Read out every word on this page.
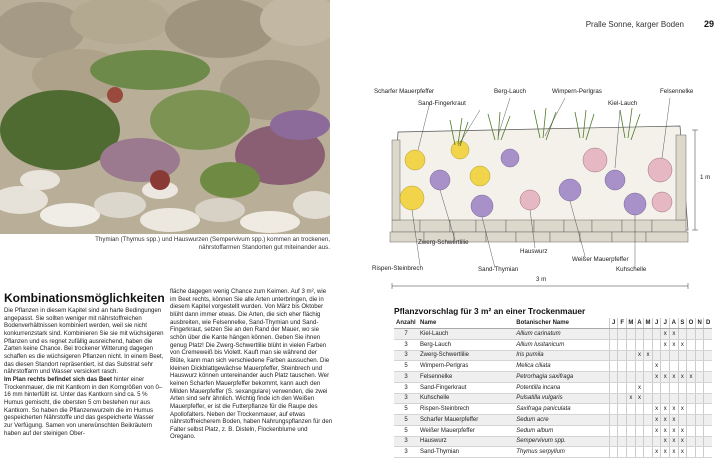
Thymian (Thymus spp.) und Hauswurzen (Sempervivum spp.) kommen an trockenen,
nährstoffarmen Standorten gut miteinander aus.
Kombinationsmöglichkeiten

Die Pflanzen in diesem Kapitel sind an harte Bedingungen angepasst. Sie sollten weniger mit nährstoffreichen Bodenverhältnissen kombiniert werden, weil sie nicht konkurrenzstark sind. Kombinieren Sie sie mit wüchsigeren Pflanzen und es regnet zufällig ausreichend, haben die Zarten keine Chance. Bei trockener Witterung dagegen schaffen es die wüchsigeren Pflanzen nicht. In einem Beet, das diesen Standort repräsentiert, ist das Substrat sehr nährstoffarm und Wasser versickert rasch.

Im Plan rechts befindet sich das Beet hinter einer Trockenmauer, die mit Kantkorn in den Korngrößen von 0–16 mm hinterfüllt ist. Unter das Kantkorn sind ca. 5 % Humus gemischt, die obersten 5 cm bestehen nur aus Kantkorn. So haben die Pflanzenwurzeln die im Humus gespeicherten Nährstoffe und das gespeicherte Wasser zur Verfügung. Samen von unerwünschten Beikräutern haben auf der steinigen Ober-

fläche dagegen wenig Chance zum Keimen. Auf 3 m², wie im Beet rechts, können Sie alle Arten unterbringen, die in diesem Kapitel vorgestellt wurden. Von März bis Oktober blüht dann immer etwas. Die Arten, die sich eher flächig ausbreiten, wie Felsennelke, Sand-Thymian und Sand-Fingerkraut, setzen Sie an den Rand der Mauer, wo sie schön über die Kante hängen können. Geben Sie ihnen genug Platz! Die Zwerg-Schwertlilie blüht in vielen Farben von Cremeweiß bis Violett. Kauft man sie während der Blüte, kann man sich verschiedene Farben aussuchen. Die kleinen Dickblattgewächse Mauerpfeffer, Steinbrech und Hauswurz können untereinander auch Platz tauschen. Wer keinen Scharfen Mauerpfeffer bekommt, kann auch den Milden Mauerpfeffer (S. sexangulare) verwenden, die zwei Arten sind sehr ähnlich. Wichtig finde ich den Weißen Mauerpfeffer, er ist die Futterpflanze für die Raupe des Apollofalters. Neben der Trockenmauer, auf etwas nährstoffreicherem Boden, haben Nahrungspflanzen für den Falter selbst Platz, z. B. Disteln, Flockenblume und Oregano.

Pralle Sonne, karger Boden 29
Scharfer Mauerpfeffer
Sand-Fingerkraut
Berg-Lauch	Wimpern-Perlgras
Kiel-Lauch
Felsennelke
Zwerg-Schwertlilie
Rispen-Steinbrech	Sand-Thymian
Hauswurz
Weißer Mauerpfeffer
Kuhschelle
1 m
3 m
Pflanzvorschlag für 3 m² an einer Trockenmauer
Anzahl	Name	Botanischer Name	J	F	M	A	M	J	J	A	S	O	N	D
7	Kiel-Lauch	Allium carinatum							x	x				
3	Berg-Lauch	Allium lusitanicum							x	x	x			
3	Zwerg-Schwertlilie	Iris pumila				x	x							
5	Wimpern-Perlgras	Melica ciliata						x						
3	Felsennelke	Petrorhagia saxifraga						x	x	x	x	x		
3	Sand-Fingerkraut	Potentilla incana				x								
3	Kuhschelle	Pulsatilla vulgaris			x	x								
5	Rispen-Steinbrech	Saxifraga paniculata						x	x	x	x			
5	Scharfer Mauerpfeffer	Sedum acre						x	x	x				
5	Weißer Mauerpfeffer	Sedum album						x	x	x	x			
3	Hauswurz	Sempervivum spp.							x	x	x			
3	Sand-Thymian	Thymus serpyllum						x	x	x	x			
